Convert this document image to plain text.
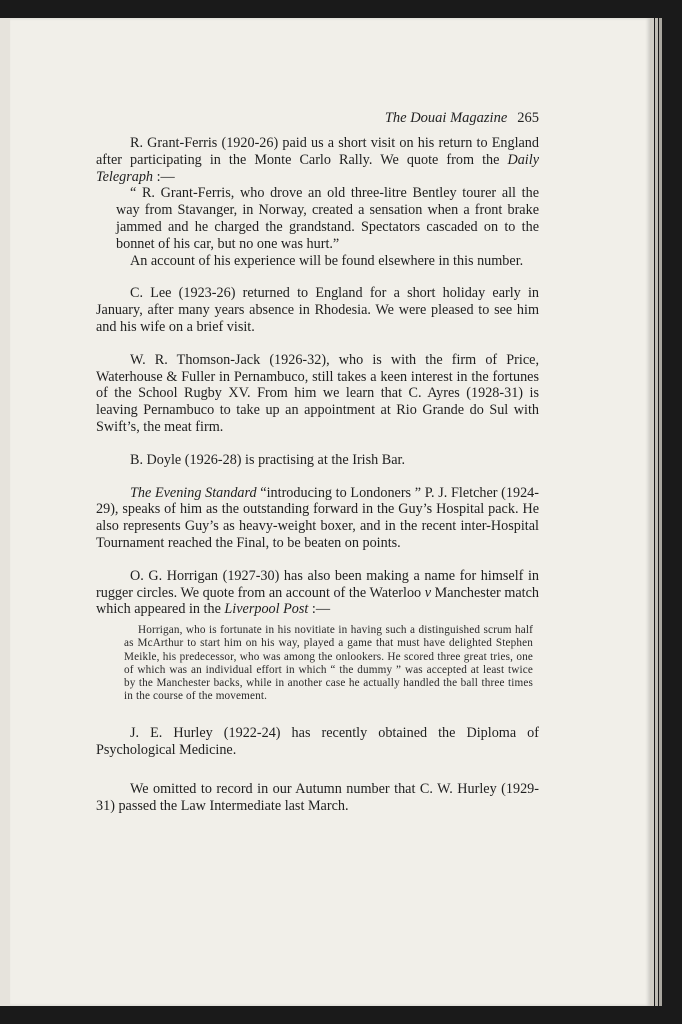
The Douai Magazine 265

R. Grant-Ferris (1920-26) paid us a short visit on his return to England after participating in the Monte Carlo Rally. We quote from the Daily Telegraph :—

“ R. Grant-Ferris, who drove an old three-litre Bentley tourer all the way from Stavanger, in Norway, created a sensation when a front brake jammed and he charged the grandstand. Spectators cascaded on to the bonnet of his car, but no one was hurt.”

An account of his experience will be found elsewhere in this number.

C. Lee (1923-26) returned to England for a short holiday early in January, after many years absence in Rhodesia. We were pleased to see him and his wife on a brief visit.

W. R. Thomson-Jack (1926-32), who is with the firm of Price, Waterhouse & Fuller in Pernambuco, still takes a keen interest in the fortunes of the School Rugby XV. From him we learn that C. Ayres (1928-31) is leaving Pernambuco to take up an appointment at Rio Grande do Sul with Swift’s, the meat firm.

B. Doyle (1926-28) is practising at the Irish Bar.

The Evening Standard “introducing to Londoners ” P. J. Fletcher (1924-29), speaks of him as the outstanding forward in the Guy’s Hospital pack. He also represents Guy’s as heavy-weight boxer, and in the recent inter-Hospital Tournament reached the Final, to be beaten on points.

O. G. Horrigan (1927-30) has also been making a name for himself in rugger circles. We quote from an account of the Waterloo v Manchester match which appeared in the Liverpool Post :—

Horrigan, who is fortunate in his novitiate in having such a distinguished scrum half as McArthur to start him on his way, played a game that must have delighted Stephen Meikle, his predecessor, who was among the onlookers. He scored three great tries, one of which was an individual effort in which “ the dummy ” was accepted at least twice by the Manchester backs, while in another case he actually handled the ball three times in the course of the movement.

J. E. Hurley (1922-24) has recently obtained the Diploma of Psychological Medicine.

We omitted to record in our Autumn number that C. W. Hurley (1929-31) passed the Law Intermediate last March.
